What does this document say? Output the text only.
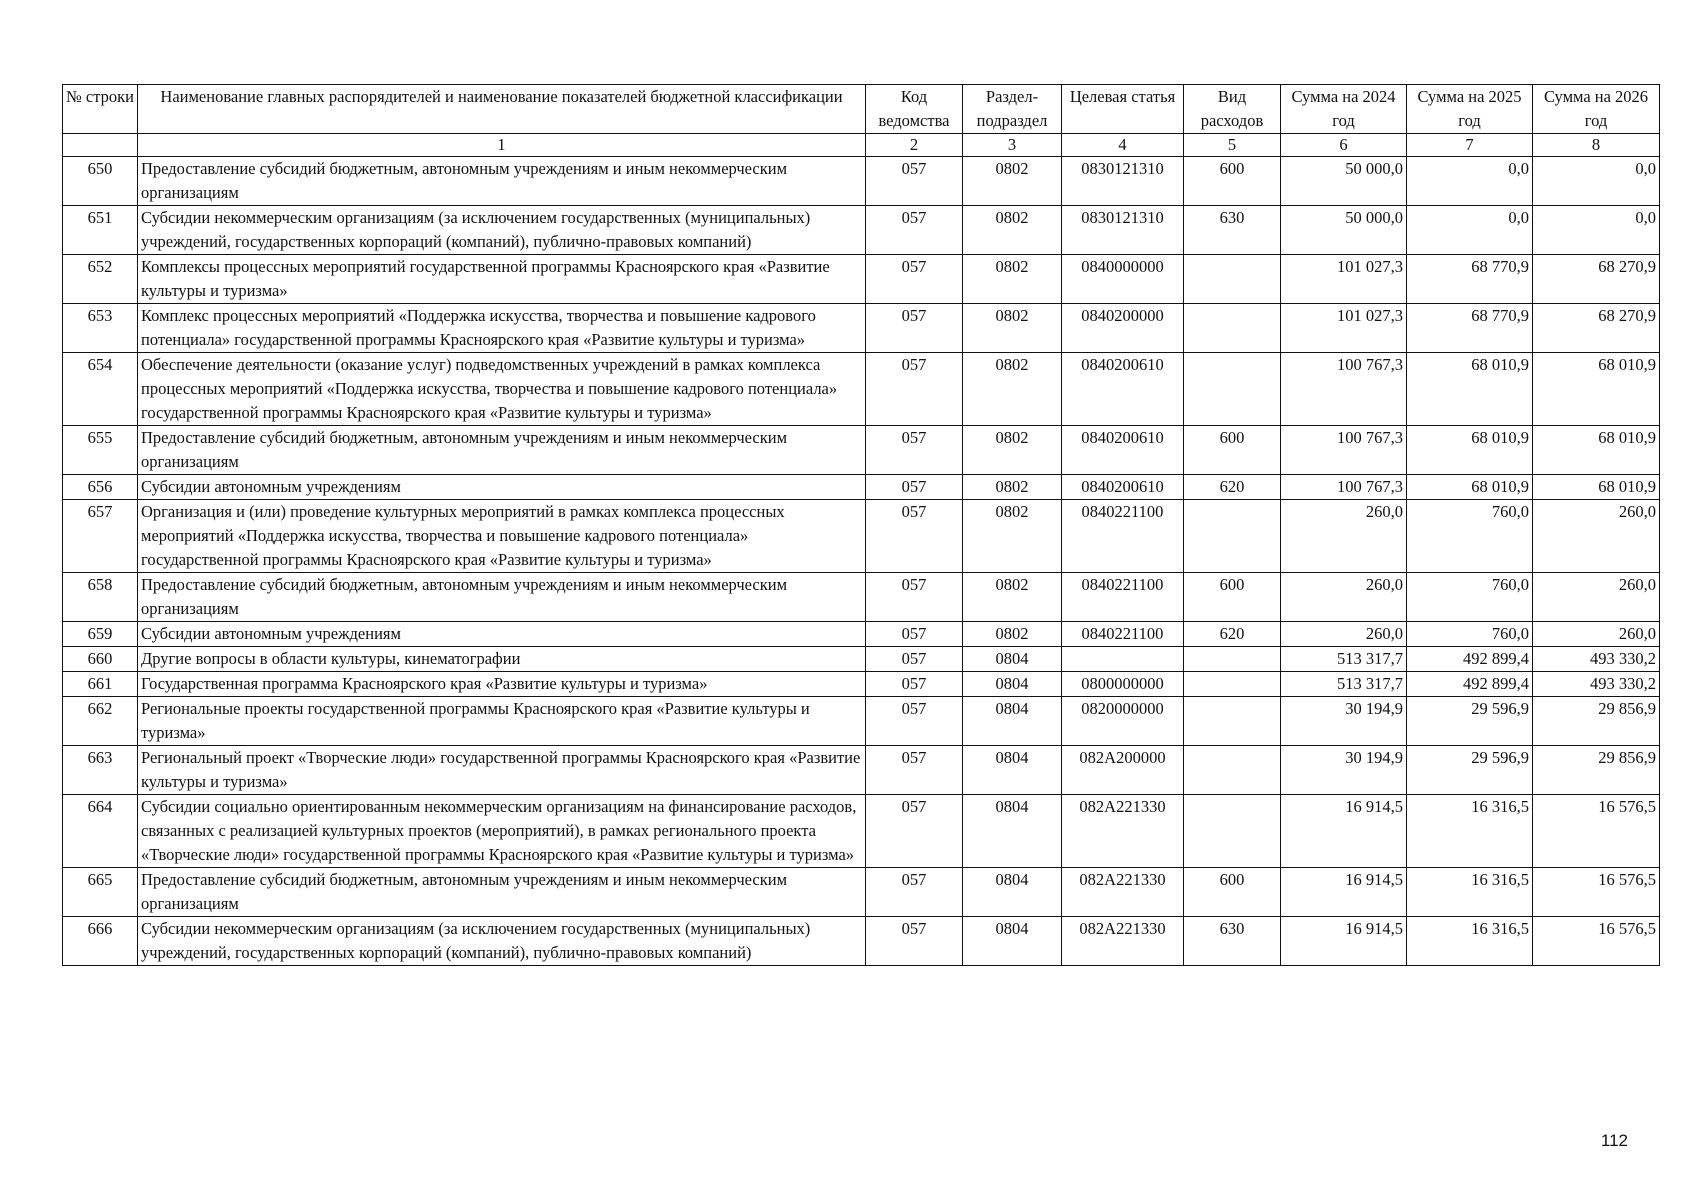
№ строки	Наименование главных распорядителей и наименование показателей бюджетной классификации	Код ведомства	Раздел-подраздел	Целевая статья	Вид расходов	Сумма на 2024 год	Сумма на 2025 год	Сумма на 2026 год
	1	2	3	4	5	6	7	8
650	Предоставление субсидий бюджетным, автономным учреждениям и иным некоммерческим организациям	057	0802	0830121310	600	50 000,0	0,0	0,0
651	Субсидии некоммерческим организациям (за исключением государственных (муниципальных) учреждений, государственных корпораций (компаний), публично-правовых компаний)	057	0802	0830121310	630	50 000,0	0,0	0,0
652	Комплексы процессных мероприятий государственной программы Красноярского края «Развитие культуры и туризма»	057	0802	0840000000		101 027,3	68 770,9	68 270,9
653	Комплекс процессных мероприятий «Поддержка искусства, творчества и повышение кадрового потенциала» государственной программы Красноярского края «Развитие культуры и туризма»	057	0802	0840200000		101 027,3	68 770,9	68 270,9
654	Обеспечение деятельности (оказание услуг) подведомственных учреждений в рамках комплекса процессных мероприятий «Поддержка искусства, творчества и повышение кадрового потенциала» государственной программы Красноярского края «Развитие культуры и туризма»	057	0802	0840200610		100 767,3	68 010,9	68 010,9
655	Предоставление субсидий бюджетным, автономным учреждениям и иным некоммерческим организациям	057	0802	0840200610	600	100 767,3	68 010,9	68 010,9
656	Субсидии автономным учреждениям	057	0802	0840200610	620	100 767,3	68 010,9	68 010,9
657	Организация и (или) проведение культурных мероприятий в рамках комплекса процессных мероприятий «Поддержка искусства, творчества и повышение кадрового потенциала» государственной программы Красноярского края «Развитие культуры и туризма»	057	0802	0840221100		260,0	760,0	260,0
658	Предоставление субсидий бюджетным, автономным учреждениям и иным некоммерческим организациям	057	0802	0840221100	600	260,0	760,0	260,0
659	Субсидии автономным учреждениям	057	0802	0840221100	620	260,0	760,0	260,0
660	Другие вопросы в области культуры, кинематографии	057	0804			513 317,7	492 899,4	493 330,2
661	Государственная программа Красноярского края «Развитие культуры и туризма»	057	0804	0800000000		513 317,7	492 899,4	493 330,2
662	Региональные проекты государственной программы Красноярского края «Развитие культуры и туризма»	057	0804	0820000000		30 194,9	29 596,9	29 856,9
663	Региональный проект «Творческие люди» государственной программы Красноярского края «Развитие культуры и туризма»	057	0804	082A200000		30 194,9	29 596,9	29 856,9
664	Субсидии социально ориентированным некоммерческим организациям на финансирование расходов, связанных с реализацией культурных проектов (мероприятий), в рамках регионального проекта «Творческие люди» государственной программы Красноярского края «Развитие культуры и туризма»	057	0804	082A221330		16 914,5	16 316,5	16 576,5
665	Предоставление субсидий бюджетным, автономным учреждениям и иным некоммерческим организациям	057	0804	082A221330	600	16 914,5	16 316,5	16 576,5
666	Субсидии некоммерческим организациям (за исключением государственных (муниципальных) учреждений, государственных корпораций (компаний), публично-правовых компаний)	057	0804	082A221330	630	16 914,5	16 316,5	16 576,5
112
